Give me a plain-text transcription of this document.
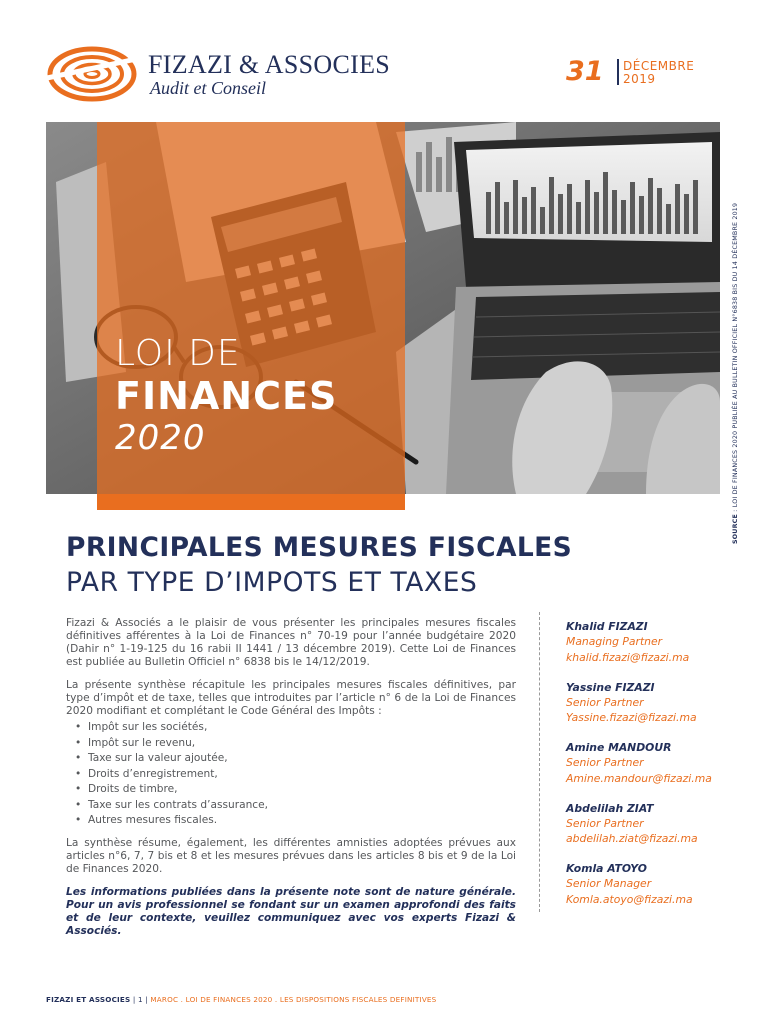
FIZAZI & ASSOCIES
Audit et Conseil
31 DÉCEMBRE
2019
LOI DE
FINANCES
2020
SOURCE : LOI DE FINANCES 2020 PUBLIÉE AU BULLETIN OFFICIEL N°6838 BIS DU 14 DÉCEMBRE 2019
PRINCIPALES MESURES FISCALES
PAR TYPE D’IMPOTS ET TAXES

Fizazi & Associés a le plaisir de vous présenter les principales mesures fiscales définitives afférentes à la Loi de Finances n° 70-19 pour l’année budgétaire 2020 (Dahir n° 1-19-125 du 16 rabii II 1441 / 13 décembre 2019). Cette Loi de Finances est publiée au Bulletin Officiel n° 6838 bis le 14/12/2019.

La présente synthèse récapitule les principales mesures fiscales définitives, par type d’impôt et de taxe, telles que introduites par l’article n° 6 de la Loi de Finances 2020 modifiant et complétant le Code Général des Impôts :

• Impôt sur les sociétés,
• Impôt sur le revenu,
• Taxe sur la valeur ajoutée,
• Droits d’enregistrement,
• Droits de timbre,
• Taxe sur les contrats d’assurance,
• Autres mesures fiscales.

La synthèse résume, également, les différentes amnisties adoptées prévues aux articles n°6, 7, 7 bis et 8 et les mesures prévues dans les articles 8 bis et 9 de la Loi de Finances 2020.

Les informations publiées dans la présente note sont de nature générale. Pour un avis professionnel se fondant sur un examen approfondi des faits et de leur contexte, veuillez communiquez avec vos experts Fizazi & Associés.

Khalid FIZAZI
Managing Partner
khalid.fizazi@fizazi.ma
Yassine FIZAZI
Senior Partner
Yassine.fizazi@fizazi.ma
Amine MANDOUR
Senior Partner
Amine.mandour@fizazi.ma
Abdelilah ZIAT
Senior Partner
abdelilah.ziat@fizazi.ma
Komla ATOYO
Senior Manager
Komla.atoyo@fizazi.ma
FIZAZI ET ASSOCIES | 1 | MAROC . LOI DE FINANCES 2020 . LES DISPOSITIONS FISCALES DEFINITIVES
